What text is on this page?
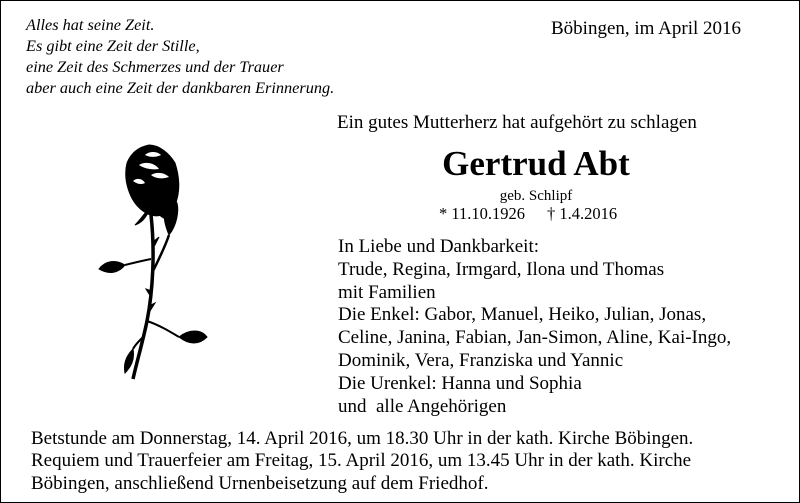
Alles hat seine Zeit.
Es gibt eine Zeit der Stille,
eine Zeit des Schmerzes und der Trauer
aber auch eine Zeit der dankbaren Erinnerung.
Böbingen, im April 2016
Ein gutes Mutterherz hat aufgehört zu schlagen
Gertrud Abt
geb. Schlipf
* 11.10.1926 † 1.4.2016
In Liebe und Dankbarkeit:
Trude, Regina, Irmgard, Ilona und Thomas
mit Familien
Die Enkel: Gabor, Manuel, Heiko, Julian, Jonas,
Celine, Janina, Fabian, Jan-Simon, Aline, Kai-Ingo,
Dominik, Vera, Franziska und Yannic
Die Urenkel: Hanna und Sophia
und  alle Angehörigen
Betstunde am Donnerstag, 14. April 2016, um 18.30 Uhr in der kath. Kirche Böbingen.
Requiem und Trauerfeier am Freitag, 15. April 2016, um 13.45 Uhr in der kath. Kirche
Böbingen, anschließend Urnenbeisetzung auf dem Friedhof.
